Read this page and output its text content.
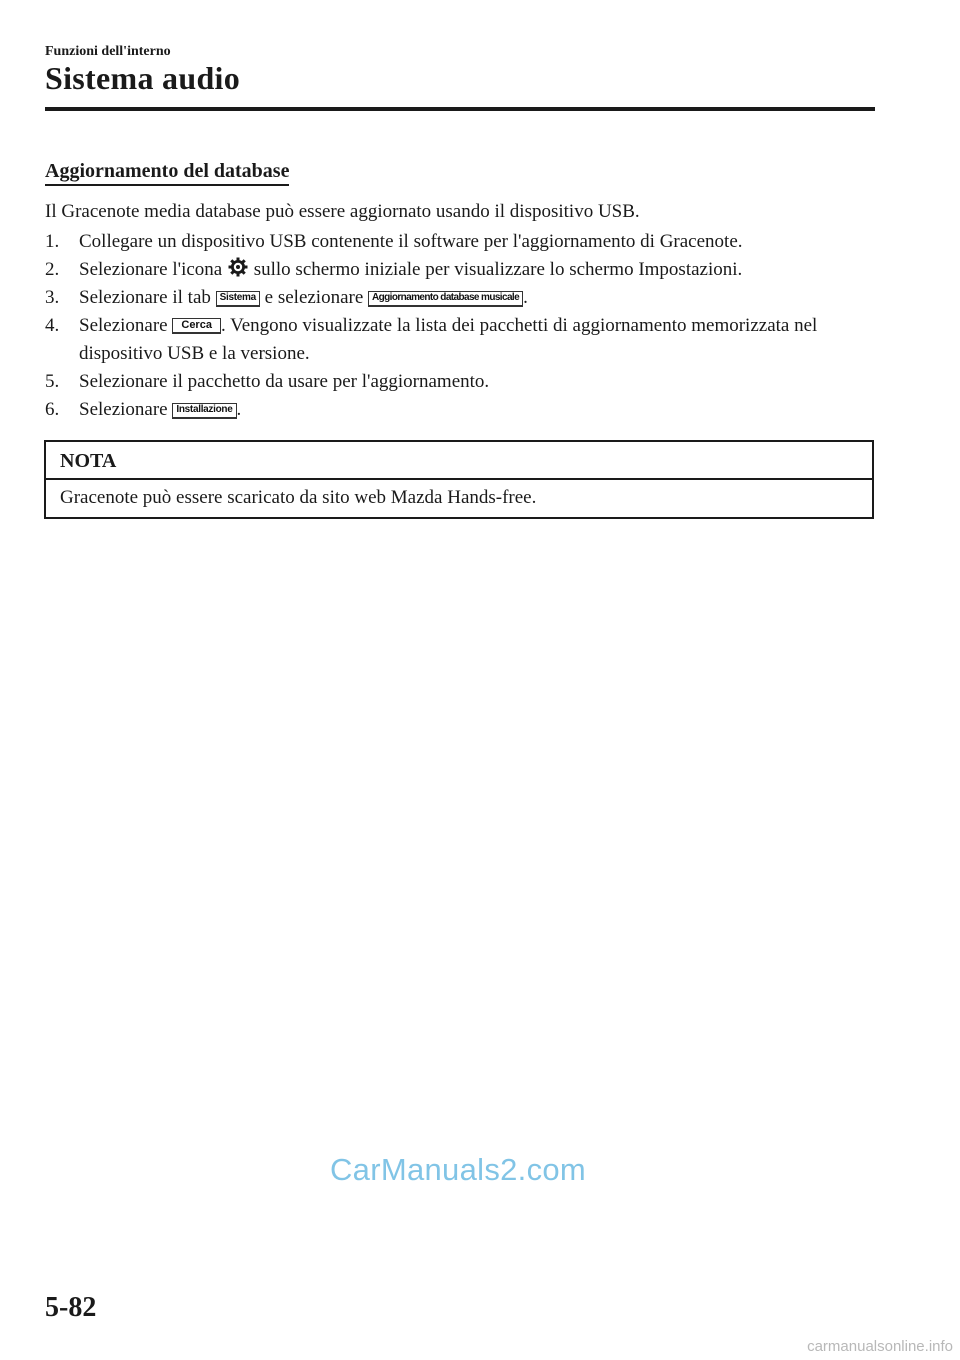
Funzioni dell'interno
Sistema audio
Aggiornamento del database
Il Gracenote media database può essere aggiornato usando il dispositivo USB.
1. Collegare un dispositivo USB contenente il software per l'aggiornamento di Gracenote.
2. Selezionare l'icona sullo schermo iniziale per visualizzare lo schermo Impostazioni.
3. Selezionare il tab Sistema e selezionare Aggiornamento database musicale .
4. Selezionare Cerca . Vengono visualizzate la lista dei pacchetti di aggiornamento memorizzata nel dispositivo USB e la versione.
5. Selezionare il pacchetto da usare per l'aggiornamento.
6. Selezionare Installazione .
NOTA
Gracenote può essere scaricato da sito web Mazda Hands-free.
CarManuals2.com
5-82
carmanualsonline.info
